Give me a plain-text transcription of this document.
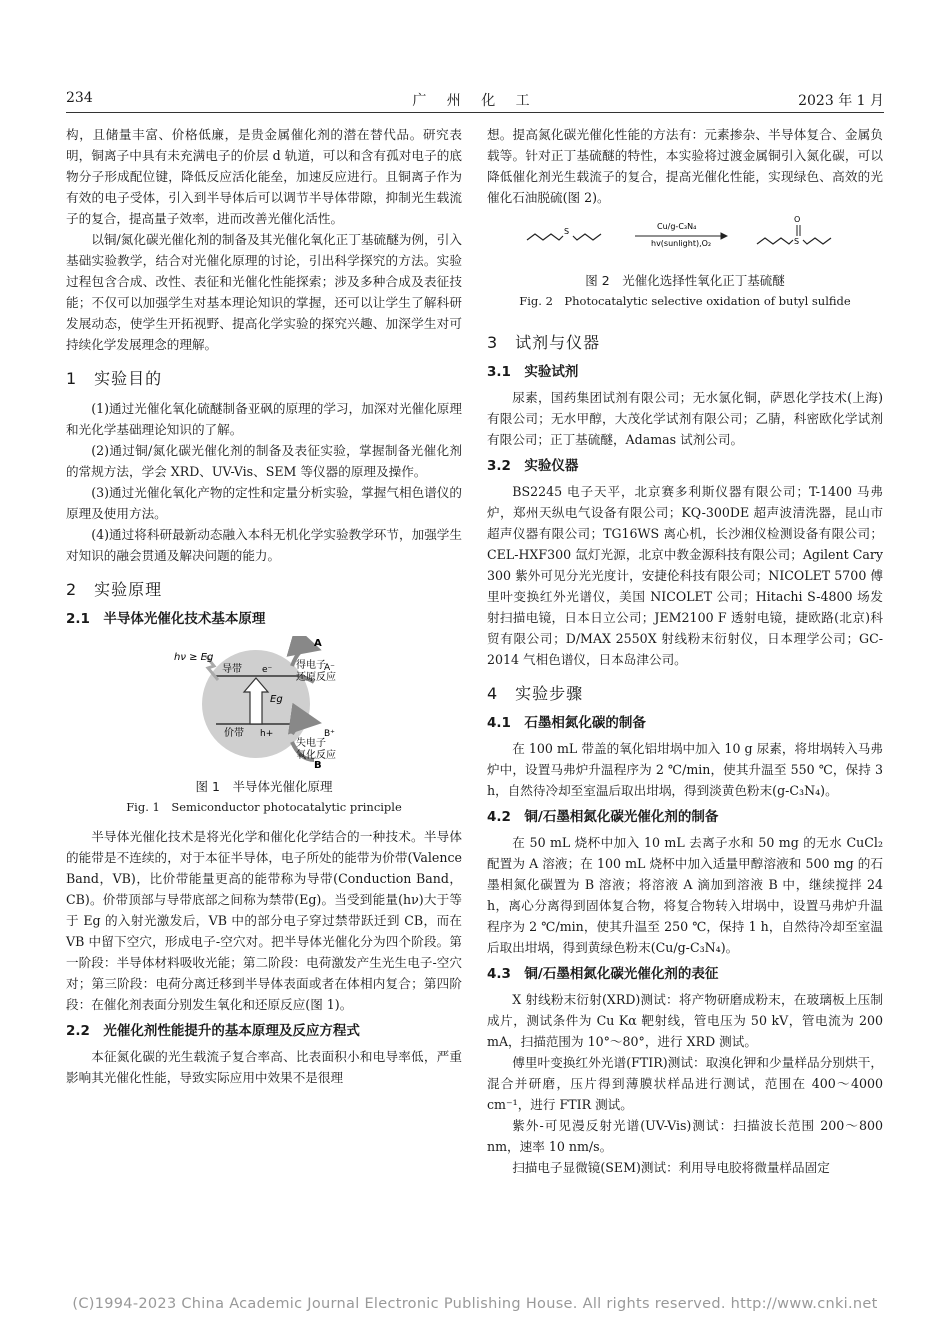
234	广 州 化 工	2023 年 1 月

构，且储量丰富、价格低廉，是贵金属催化剂的潜在替代品。研究表明，铜离子中具有未充满电子的价层 d 轨道，可以和含有孤对电子的底物分子形成配位键，降低反应活化能垒，加速反应进行。且铜离子作为有效的电子受体，引入到半导体后可以调节半导体带隙，抑制光生载流子的复合，提高量子效率，进而改善光催化活性。

以铜/氮化碳光催化剂的制备及其光催化氧化正丁基硫醚为例，引入基础实验教学，结合对光催化原理的讨论，引出科学探究的方法。实验过程包含合成、改性、表征和光催化性能探索；涉及多种合成及表征技能；不仅可以加强学生对基本理论知识的掌握，还可以让学生了解科研发展动态，使学生开拓视野、提高化学实验的探究兴趣、加深学生对可持续化学发展理念的理解。

1　实验目的

(1)通过光催化氧化硫醚制备亚砜的原理的学习，加深对光催化原理和光化学基础理论知识的了解。

(2)通过铜/氮化碳光催化剂的制备及表征实验，掌握制备光催化剂的常规方法，学会 XRD、UV-Vis、SEM 等仪器的原理及操作。

(3)通过光催化氧化产物的定性和定量分析实验，掌握气相色谱仪的原理及使用方法。

(4)通过将科研最新动态融入本科无机化学实验教学环节，加强学生对知识的融会贯通及解决问题的能力。

2　实验原理
2.1　半导体光催化技术基本原理
A
A⁻
得电子
还原反应
B
B⁺
失电子
氧化反应
hν ≥ Eg
导带
价带
Eg
e⁻
h+
图 1　半导体光催化原理
Fig. 1　Semiconductor photocatalytic principle

半导体光催化技术是将光化学和催化化学结合的一种技术。半导体的能带是不连续的，对于本征半导体，电子所处的能带为价带(Valence Band，VB)，比价带能量更高的能带称为导带(Conduction Band，CB)。价带顶部与导带底部之间称为禁带(Eg)。当受到能量(hν)大于等于 Eg 的入射光激发后，VB 中的部分电子穿过禁带跃迁到 CB，而在 VB 中留下空穴，形成电子-空穴对。把半导体光催化分为四个阶段。第一阶段：半导体材料吸收光能；第二阶段：电荷激发产生光生电子-空穴对；第三阶段：电荷分离迁移到半导体表面或者在体相内复合；第四阶段：在催化剂表面分别发生氧化和还原反应(图 1)。

2.2　光催化剂性能提升的基本原理及反应方程式

本征氮化碳的光生载流子复合率高、比表面积小和电导率低，严重影响其光催化性能，导致实际应用中效果不是很理

想。提高氮化碳光催化性能的方法有：元素掺杂、半导体复合、金属负载等。针对正丁基硫醚的特性，本实验将过渡金属铜引入氮化碳，可以降低催化剂光生载流子的复合，提高光催化性能，实现绿色、高效的光催化石油脱硫(图 2)。

S
Cu/g-C₃N₄
hv(sunlight),O₂	S
O
图 2　光催化选择性氧化正丁基硫醚
Fig. 2　Photocatalytic selective oxidation of butyl sulfide
3　试剂与仪器
3.1　实验试剂

尿素，国药集团试剂有限公司；无水氯化铜，萨恩化学技术(上海)有限公司；无水甲醇，大茂化学试剂有限公司；乙腈，科密欧化学试剂有限公司；正丁基硫醚，Adamas 试剂公司。

3.2　实验仪器

BS2245 电子天平，北京赛多利斯仪器有限公司；T-1400 马弗炉，郑州天纵电气设备有限公司；KQ-300DE 超声波清洗器，昆山市超声仪器有限公司；TG16WS 离心机，长沙湘仪检测设备有限公司；CEL-HXF300 氙灯光源，北京中教金源科技有限公司；Agilent Cary 300 紫外可见分光光度计，安捷伦科技有限公司；NICOLET 5700 傅里叶变换红外光谱仪，美国 NICOLET 公司；Hitachi S-4800 场发射扫描电镜，日本日立公司；JEM2100 F 透射电镜，捷欧路(北京)科贸有限公司；D/MAX 2550X 射线粉末衍射仪，日本理学公司；GC-2014 气相色谱仪，日本岛津公司。

4　实验步骤
4.1　石墨相氮化碳的制备

在 100 mL 带盖的氧化铝坩埚中加入 10 g 尿素，将坩埚转入马弗炉中，设置马弗炉升温程序为 2 ℃/min，使其升温至 550 ℃，保持 3 h，自然待冷却至室温后取出坩埚，得到淡黄色粉末(g-C₃N₄)。

4.2　铜/石墨相氮化碳光催化剂的制备

在 50 mL 烧杯中加入 10 mL 去离子水和 50 mg 的无水 CuCl₂ 配置为 A 溶液；在 100 mL 烧杯中加入适量甲醇溶液和 500 mg 的石墨相氮化碳置为 B 溶液；将溶液 A 滴加到溶液 B 中，继续搅拌 24 h，离心分离得到固体复合物，将复合物转入坩埚中，设置马弗炉升温程序为 2 ℃/min，使其升温至 250 ℃，保持 1 h，自然待冷却至室温后取出坩埚，得到黄绿色粉末(Cu/g-C₃N₄)。

4.3　铜/石墨相氮化碳光催化剂的表征

X 射线粉末衍射(XRD)测试：将产物研磨成粉末，在玻璃板上压制成片，测试条件为 Cu Kα 靶射线，管电压为 50 kV，管电流为 200 mA，扫描范围为 10°～80°，进行 XRD 测试。

傅里叶变换红外光谱(FTIR)测试：取溴化钾和少量样品分别烘干，混合并研磨，压片得到薄膜状样品进行测试，范围在 400～4000 cm⁻¹，进行 FTIR 测试。

紫外-可见漫反射光谱(UV-Vis)测试：扫描波长范围 200～800 nm，速率 10 nm/s。

扫描电子显微镜(SEM)测试：利用导电胶将微量样品固定

(C)1994-2023 China Academic Journal Electronic Publishing House. All rights reserved. http://www.cnki.net
